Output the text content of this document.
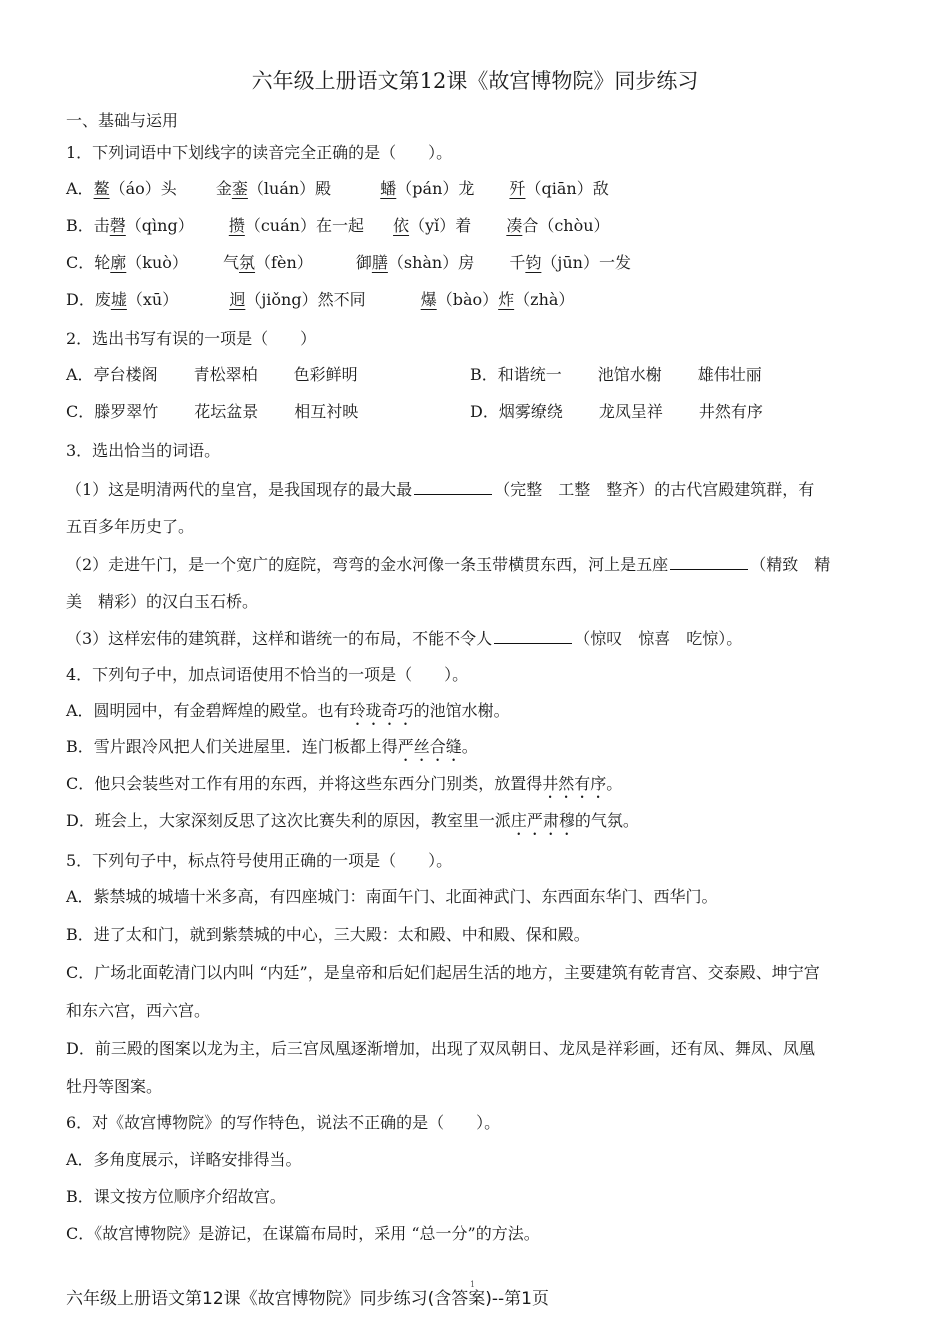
六年级上册语文第12课《故宫博物院》同步练习
一、基础与运用
1．下列词语中下划线字的读音完全正确的是（　　）。
A．鳌（áo）头 金銮（luán）殿	蟠（pán）龙 歼（qiān）敌
B．击磬（qìng） 攒（cuán）在一起 依（yǐ）着 凑合（chòu）
C．轮廓（kuò） 气氛（fèn）	御膳（shàn）房 千钧（jūn）一发
D．废墟（xū）	迥（jiǒng）然不同	爆（bào）炸（zhà）
2．选出书写有误的一项是（　　）
A．亭台楼阁 青松翠柏 色彩鲜明	B．和谐统一 池馆水榭 雄伟壮丽
C．滕罗翠竹 花坛盆景 相互衬映	D．烟雾缭绕 龙凤呈祥 井然有序
3．选出恰当的词语。
（1）这是明清两代的皇宫，是我国现存的最大最	（完整　工整　整齐）的古代宫殿建筑群，有
五百多年历史了。
（2）走进午门，是一个宽广的庭院，弯弯的金水河像一条玉带横贯东西，河上是五座	（精致　精
美　精彩）的汉白玉石桥。
（3）这样宏伟的建筑群，这样和谐统一的布局，不能不令人	（惊叹　惊喜　吃惊）。
4．下列句子中，加点词语使用不恰当的一项是（　　）。
A．圆明园中，有金碧辉煌的殿堂。也有玲珑奇巧的池馆水榭。
B．雪片跟冷风把人们关进屋里．连门板都上得严丝合缝。
C．他只会装些对工作有用的东西，并将这些东西分门别类，放置得井然有序。
D．班会上，大家深刻反思了这次比赛失利的原因，教室里一派庄严肃穆的气氛。
5．下列句子中，标点符号使用正确的一项是（　　）。
A．紫禁城的城墙十米多高，有四座城门：南面午门、北面神武门、东西面东华门、西华门。
B．进了太和门，就到紫禁城的中心，三大殿：太和殿、中和殿、保和殿。
C．广场北面乾清门以内叫 “内廷”，是皇帝和后妃们起居生活的地方，主要建筑有乾青宫、交泰殿、坤宁宫
和东六宫，西六宫。
D．前三殿的图案以龙为主，后三宫凤凰逐渐增加，出现了双凤朝日、龙凤是祥彩画，还有凤、舞凤、凤凰
牡丹等图案。
6．对《故宫博物院》的写作特色，说法不正确的是（　　）。
A．多角度展示，详略安排得当。
B．课文按方位顺序介绍故宫。
C．《故宫博物院》是游记，在谋篇布局时，采用 “总一分”的方法。
1
六年级上册语文第12课《故宫博物院》同步练习(含答案)--第1页
